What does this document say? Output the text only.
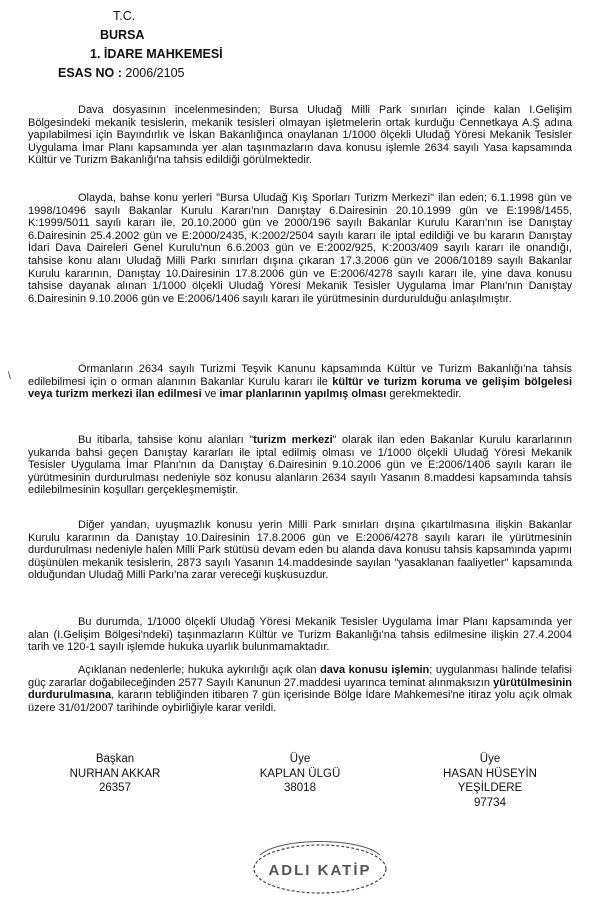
T.C.
BURSA
1. İDARE MAHKEMESİ
ESAS NO : 2006/2105

Dava dosyasının incelenmesinden; Bursa Uludağ Milli Park sınırları içinde kalan I.Gelişim Bölgesindeki mekanik tesislerin, mekanik tesisleri olmayan işletmelerin ortak kurduğu Cennetkaya A.Ş adına yapılabilmesi için Bayındırlık ve İskan Bakanlığınca onaylanan 1/1000 ölçekli Uludağ Yöresi Mekanik Tesisler Uygulama İmar Planı kapsamında yer alan taşınmazların dava konusu işlemle 2634 sayılı Yasa kapsamında Kültür ve Turizm Bakanlığı'na tahsis edildiği görülmektedir.

Olayda, bahse konu yerleri "Bursa Uludağ Kış Sporları Turizm Merkezi" ilan eden; 6.1.1998 gün ve 1998/10496 sayılı Bakanlar Kurulu Kararı'nın Danıştay 6.Dairesinin 20.10.1999 gün ve E:1998/1455, K:1999/5011 sayılı kararı ile, 20.10.2000 gün ve 2000/196 sayılı Bakanlar Kurulu Kararı'nın ise Danıştay 6.Dairesinin 25.4.2002 gün ve E:2000/2435, K:2002/2504 sayılı kararı ile iptal edildiği ve bu kararın Danıştay İdari Dava Daireleri Genel Kurulu'nun 6.6.2003 gün ve E:2002/925, K:2003/409 sayılı kararı ile onandığı, tahsise konu alanı Uludağ Milli Parkı sınırları dışına çıkaran 17.3.2006 gün ve 2006/10189 sayılı Bakanlar Kurulu kararının, Danıştay 10.Dairesinin 17.8.2006 gün ve E:2006/4278 sayılı kararı ile, yine dava konusu tahsise dayanak alınan 1/1000 ölçekli Uludağ Yöresi Mekanik Tesisler Uygulama İmar Planı'nın Danıştay 6.Dairesinin 9.10.2006 gün ve E:2006/1406 sayılı kararı ile yürütmesinin durdurulduğu anlaşılmıştır.

Ormanların 2634 sayılı Turizmi Teşvik Kanunu kapsamında Kültür ve Turizm Bakanlığı'na tahsis edilebilmesi için o orman alanının Bakanlar Kurulu kararı ile kültür ve turizm koruma ve gelişim bölgelesi veya turizm merkezi ilan edilmesi ve imar planlarının yapılmış olması gerekmektedir.

Bu itibarla, tahsise konu alanları "turizm merkezi" olarak ilan eden Bakanlar Kurulu kararlarının yukarıda bahsi geçen Danıştay kararları ile iptal edilmiş olması ve 1/1000 ölçekli Uludağ Yöresi Mekanik Tesisler Uygulama İmar Planı'nın da Danıştay 6.Dairesinin 9.10.2006 gün ve E:2006/1406 sayılı kararı ile yürütmesinin durdurulması nedeniyle söz konusu alanların 2634 sayılı Yasanın 8.maddesi kapsamında tahsis edilebilmesinin koşulları gerçekleşmemiştir.

Diğer yandan, uyuşmazlık konusu yerin Milli Park sınırları dışına çıkartılmasına ilişkin Bakanlar Kurulu kararının da Danıştay 10.Dairesinin 17.8.2006 gün ve E:2006/4278 sayılı kararı ile yürütmesinin durdurulması nedeniyle halen Milli Park stütüsü devam eden bu alanda dava konusu tahsis kapsamında yapımı düşünülen mekanik tesislerin, 2873 sayılı Yasanın 14.maddesinde sayılan "yasaklanan faaliyetler" kapsamında olduğundan Uludağ Milli Parkı'na zarar vereceği kuşkusuzdur.

Bu durumda, 1/1000 ölçekli Uludağ Yöresi Mekanik Tesisler Uygulama İmar Planı kapsamında yer alan (I.Gelişim Bölgesi'ndeki) taşınmazların Kültür ve Turizm Bakanlığı'na tahsis edilmesine ilişkin 27.4.2004 tarih ve 120-1 sayılı işlemde hukuka uyarlık bulunmamaktadır.

Açıklanan nedenlerle; hukuka aykırılığı açık olan dava konusu işlemin; uygulanması halinde telafisi güç zararlar doğabileceğinden 2577 Sayılı Kanunun 27.maddesi uyarınca teminat alınmaksızın yürütülmesinin durdurulmasına, kararın tebliğinden itibaren 7 gün içerisinde Bölge İdare Mahkemesi'ne itiraz yolu açık olmak üzere 31/01/2007 tarihinde oybirliğiyle karar verildi.

\
Başkan
NURHAN AKKAR
26357
Üye
KAPLAN ÜLGÜ
38018
Üye
HASAN HÜSEYİN YEŞİLDERE
97734
ADLI KATİP
